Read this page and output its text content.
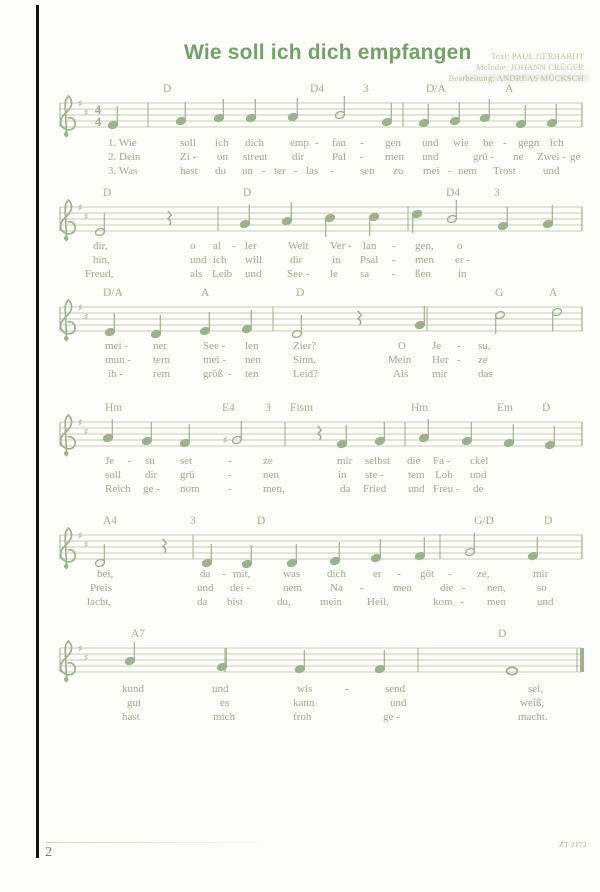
Wie soll ich dich empfangen	Text: PAUL GERHARDT
Melodie: JOHANN CRÜGER
Bearbeitung: ANDREAS MÜCKSCH
♯
♯ 4
4
♯
♯
♯
♯
♯
♯
♯
♯
♯
♯
♯
D	D4	3	D/A	A
1. Wie	soll ich dich emp - fan - gen und wie be - gegn ich
2. Dein	Zi - on streut dir	Pal - men und	grü - ne Zwei - ge
3. Was	hast du un - ter - las - sen zu mei - nem Trost und
D	D	D4	3
dir,	o al - ler	Welt Ver - lan - gen, o
hin,	und ich will	dir	in Psal - men er -
Freud,	als Leib und See - le sa - ßen in
D/A	A	D	G	A
mei - ner	See - len	Zier?	O Je - su,
mun - tern	mei - nen	Sinn.	Mein Her - ze
ih -	rem	größ - ten	Leid?	Als mir	das
Hm	E4	3 Fism	Hm	Em	D
Je - su set	-	ze	mir selbst die Fa - ckel
soll dir grü	-	nen	in ste - tem Lob und
Reich ge - nom	-	men,	da Fried und Freu - de
A4	3	D	G/D	D
bei,	da - mit,	was dich er - göt - ze,	mir
Preis	und dei -	nem	Na -	men	die - nen,	so
lacht,	da bist	du,	mein Heil,	kom - men	und
A7	D
kund	und	wis	-	send	sei,
gut	es	kann	und	weiß,
hast	mich	froh	ge -	macht.
2
ZT 2172
